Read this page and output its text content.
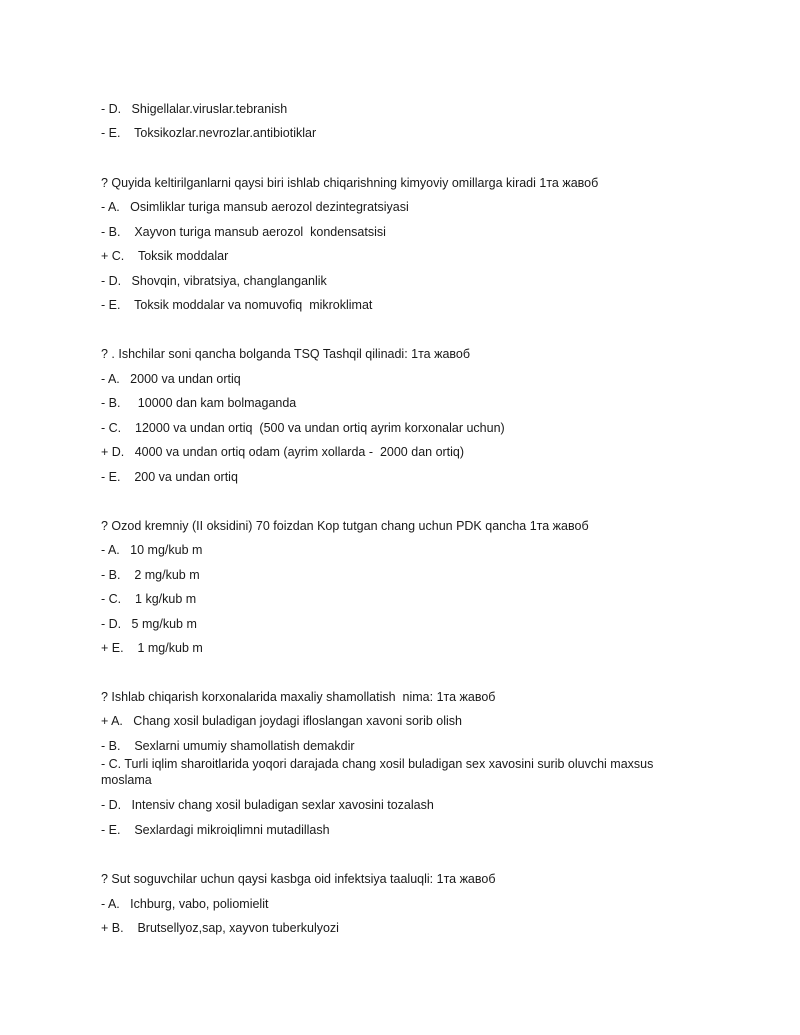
- D.   Shigellalar.viruslar.tebranish
- E.    Toksikozlar.nevrozlar.antibiotiklar
? Quyida keltirilganlarni qaysi biri ishlab chiqarishning kimyoviy omillarga kiradi 1та жавоб
- A.   Osimliklar turiga mansub aerozol dezintegratsiyasi
- B.    Xayvon turiga mansub aerozol  kondensatsisi
+ C.    Toksik moddalar
- D.   Shovqin, vibratsiya, changlanganlik
- E.    Toksik moddalar va nomuvofiq  mikroklimat
? . Ishchilar soni qancha bolganda TSQ Tashqil qilinadi: 1та жавоб
- A.   2000 va undan ortiq
- B.     10000 dan kam bolmaganda
- C.    12000 va undan ortiq  (500 va undan ortiq ayrim korxonalar uchun)
+ D.   4000 va undan ortiq odam (ayrim xollarda -  2000 dan ortiq)
- E.    200 va undan ortiq
? Ozod kremniy (II oksidini) 70 foizdan Kop tutgan chang uchun PDK qancha 1та жавоб
- A.   10 mg/kub m
- B.    2 mg/kub m
- C.    1 kg/kub m
- D.   5 mg/kub m
+ E.    1 mg/kub m
? Ishlab chiqarish korxonalarida maxaliy shamollatish  nima: 1та жавоб
+ A.   Chang xosil buladigan joydagi ifloslangan xavoni sorib olish
- B.    Sexlarni umumiy shamollatish demakdir
- C. Turli iqlim sharoitlarida yoqori darajada chang xosil buladigan sex xavosini surib oluvchi maxsus moslama
- D.   Intensiv chang xosil buladigan sexlar xavosini tozalash
- E.    Sexlardagi mikroiqlimni mutadillash
? Sut soguvchilar uchun qaysi kasbga oid infektsiya taaluqli: 1та жавоб
- A.   Ichburg, vabo, poliomielit
+ B.    Brutsellyoz,sap, xayvon tuberkulyozi
